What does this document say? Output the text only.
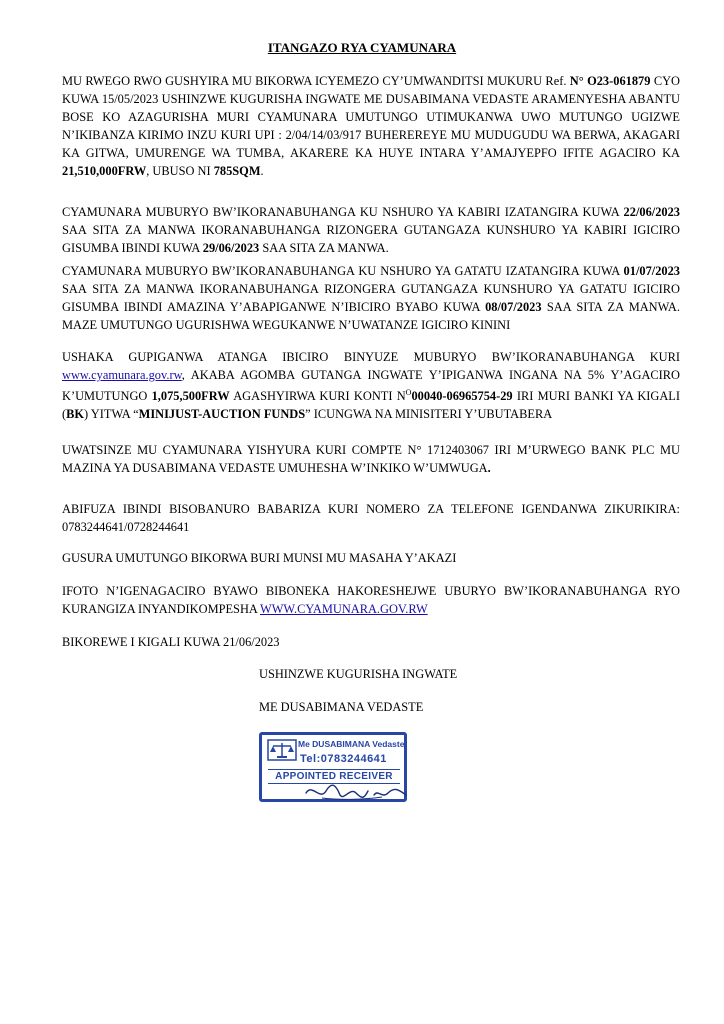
ITANGAZO RYA CYAMUNARA

MU RWEGO RWO GUSHYIRA MU BIKORWA ICYEMEZO CY’UMWANDITSI MUKURU Ref. N° O23-061879 CYO KUWA 15/05/2023 USHINZWE KUGURISHA INGWATE ME DUSABIMANA VEDASTE ARAMENYESHA ABANTU BOSE KO AZAGURISHA MURI CYAMUNARA UMUTUNGO UTIMUKANWA UWO MUTUNGO UGIZWE N’IKIBANZA KIRIMO INZU KURI UPI : 2/04/14/03/917 BUHEREREYE MU MUDUGUDU WA BERWA, AKAGARI KA GITWA, UMURENGE WA TUMBA, AKARERE KA HUYE INTARA Y’AMAJYEPFO IFITE AGACIRO KA 21,510,000FRW, UBUSO NI 785SQM.

CYAMUNARA MUBURYO BW’IKORANABUHANGA KU NSHURO YA KABIRI IZATANGIRA KUWA 22/06/2023 SAA SITA ZA MANWA IKORANABUHANGA RIZONGERA GUTANGAZA KUNSHURO YA KABIRI IGICIRO GISUMBA IBINDI KUWA 29/06/2023 SAA SITA ZA MANWA.

CYAMUNARA MUBURYO BW’IKORANABUHANGA KU NSHURO YA GATATU IZATANGIRA KUWA 01/07/2023 SAA SITA ZA MANWA IKORANABUHANGA RIZONGERA GUTANGAZA KUNSHURO YA GATATU IGICIRO GISUMBA IBINDI AMAZINA Y’ABAPIGANWE N’IBICIRO BYABO KUWA 08/07/2023 SAA SITA ZA MANWA. MAZE UMUTUNGO UGURISHWA WEGUKANWE N’UWATANZE IGICIRO KININI

USHAKA GUPIGANWA ATANGA IBICIRO BINYUZE MUBURYO BW’IKORANABUHANGA KURI www.cyamunara.gov.rw, AKABA AGOMBA GUTANGA INGWATE Y’IPIGANWA INGANA NA 5% Y’AGACIRO K’UMUTUNGO 1,075,500FRW AGASHYIRWA KURI KONTI $N^O00040-06965754-29$ IRI MURI BANKI YA KIGALI (BK) YITWA “MINIJUST-AUCTION FUNDS” ICUNGWA NA MINISITERI Y’UBUTABERA

UWATSINZE MU CYAMUNARA YISHYURA KURI COMPTE N° 1712403067 IRI M’URWEGO BANK PLC MU MAZINA YA DUSABIMANA VEDASTE UMUHESHA W’INKIKO W’UMWUGA.

ABIFUZA IBINDI BISOBANURO BABARIZA KURI NOMERO ZA TELEFONE IGENDANWA ZIKURIKIRA: 0783244641/0728244641

GUSURA UMUTUNGO BIKORWA BURI MUNSI MU MASAHA Y’AKAZI

IFOTO N’IGENAGACIRO BYAWO BIBONEKA HAKORESHEJWE UBURYO BW’IKORANABUHANGA RYO KURANGIZA INYANDIKOMPESHA WWW.CYAMUNARA.GOV.RW

BIKOREWE I KIGALI KUWA 21/06/2023

USHINZWE KUGURISHA INGWATE
ME DUSABIMANA VEDASTE
Me DUSABIMANA Vedaste
Tel:0783244641
APPOINTED RECEIVER
